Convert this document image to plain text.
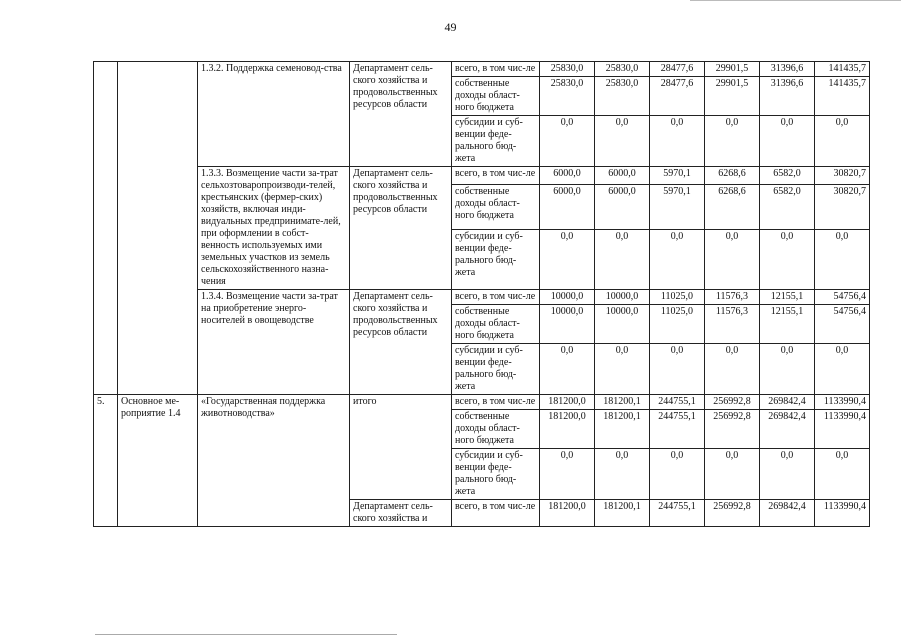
49
		1.3.2. Поддержка семеновод-ства	Департамент сель-ского хозяйства и продовольственных ресурсов области	всего, в том чис-ле	25830,0	25830,0	28477,6	29901,5	31396,6	141435,7
				собственные доходы област-ного бюджета	25830,0	25830,0	28477,6	29901,5	31396,6	141435,7
				субсидии и суб-венции феде-рального бюд-жета	0,0	0,0	0,0	0,0	0,0	0,0
		1.3.3. Возмещение части за-трат сельхозтоваропроизводи-телей, крестьянских (фермер-ских) хозяйств, включая инди-видуальных предпринимате-лей, при оформлении в собст-венность используемых ими земельных участков из земель сельскохозяйственного назна-чения	Департамент сель-ского хозяйства и продовольственных ресурсов области	всего, в том чис-ле	6000,0	6000,0	5970,1	6268,6	6582,0	30820,7
				собственные доходы област-ного бюджета	6000,0	6000,0	5970,1	6268,6	6582,0	30820,7
				субсидии и суб-венции феде-рального бюд-жета	0,0	0,0	0,0	0,0	0,0	0,0
		1.3.4. Возмещение части за-трат на приобретение энерго-носителей в овощеводстве	Департамент сель-ского хозяйства и продовольственных ресурсов области	всего, в том чис-ле	10000,0	10000,0	11025,0	11576,3	12155,1	54756,4
				собственные доходы област-ного бюджета	10000,0	10000,0	11025,0	11576,3	12155,1	54756,4
				субсидии и суб-венции феде-рального бюд-жета	0,0	0,0	0,0	0,0	0,0	0,0
5.	Основное ме-роприятие 1.4	«Государственная поддержка животноводства»	итого	всего, в том чис-ле	181200,0	181200,1	244755,1	256992,8	269842,4	1133990,4
				собственные доходы област-ного бюджета	181200,0	181200,1	244755,1	256992,8	269842,4	1133990,4
				субсидии и суб-венции феде-рального бюд-жета	0,0	0,0	0,0	0,0	0,0	0,0
			Департамент сель-ского хозяйства и	всего, в том чис-ле	181200,0	181200,1	244755,1	256992,8	269842,4	1133990,4
